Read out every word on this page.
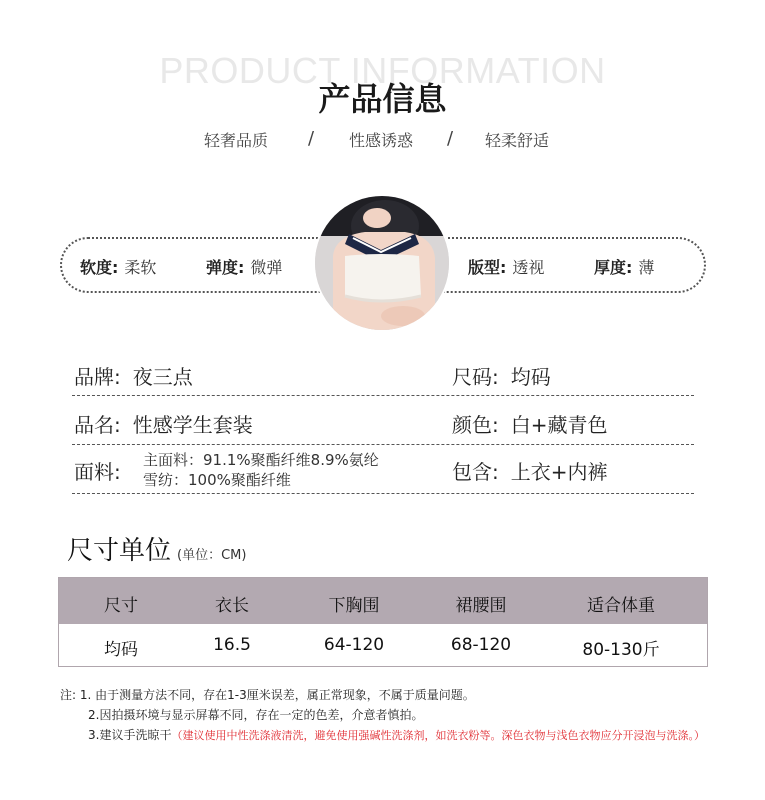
PRODUCT INFORMATION
产品信息
轻奢品质 / 性感诱惑 / 轻柔舒适
软度: 柔软	弹度: 微弹	版型: 透视	厚度: 薄
品牌: 夜三点	尺码: 均码
品名: 性感学生套装	颜色: 白+藏青色
面料: 主面料：91.1%聚酯纤维8.9%氨纶
雪纺：100%聚酯纤维	包含: 上衣+内裤
尺寸单位 (单位：CM)
尺寸	衣长	下胸围	裙腰围	适合体重
均码	16.5	64-120	68-120	80-130斤
注: 1. 由于测量方法不同，存在1-3厘米误差，属正常现象，不属于质量问题。
2.因拍摄环境与显示屏幕不同，存在一定的色差，介意者慎拍。
3.建议手洗晾干（建议使用中性洗涤液清洗，避免使用强碱性洗涤剂，如洗衣粉等。深色衣物与浅色衣物应分开浸泡与洗涤。）
